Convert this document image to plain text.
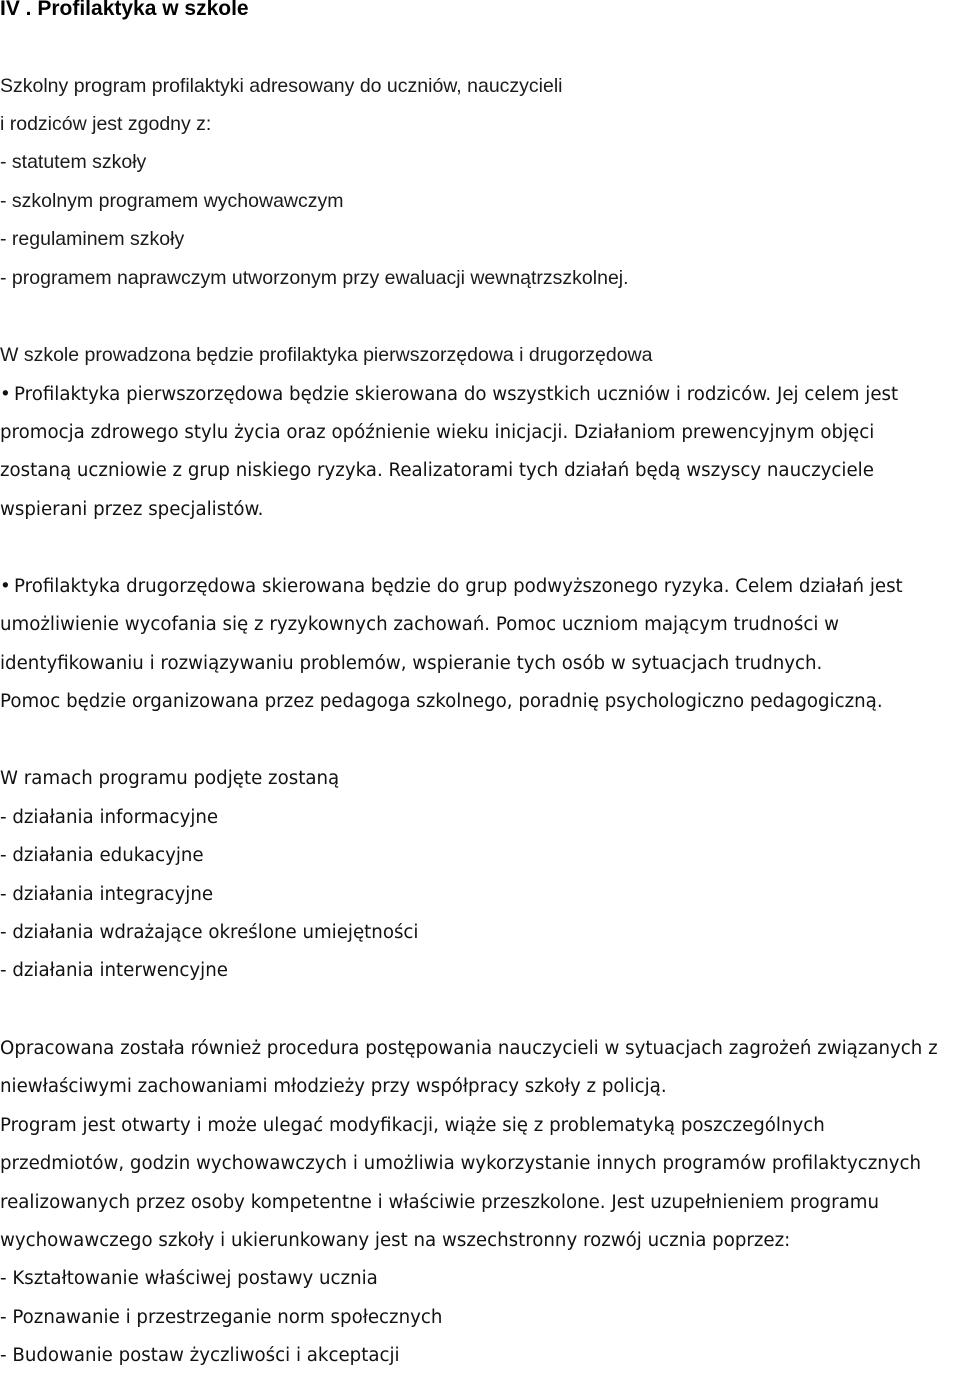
IV . Profilaktyka w szkole
Szkolny program profilaktyki adresowany do uczniów, nauczycieli
i rodziców jest zgodny z:
- statutem szkoły
- szkolnym programem wychowawczym
- regulaminem szkoły
- programem naprawczym utworzonym przy ewaluacji wewnątrzszkolnej.
W szkole prowadzona będzie profilaktyka pierwszorzędowa i drugorzędowa
• Profilaktyka pierwszorzędowa będzie skierowana do wszystkich uczniów i rodziców. Jej celem jest
promocja zdrowego stylu życia oraz opóźnienie wieku inicjacji. Działaniom prewencyjnym objęci
zostaną uczniowie z grup niskiego ryzyka. Realizatorami tych działań będą wszyscy nauczyciele
wspierani przez specjalistów.
• Profilaktyka drugorzędowa skierowana będzie do grup podwyższonego ryzyka. Celem działań jest
umożliwienie wycofania się z ryzykownych zachowań. Pomoc uczniom mającym trudności w
identyfikowaniu i rozwiązywaniu problemów, wspieranie tych osób w sytuacjach trudnych.
Pomoc będzie organizowana przez pedagoga szkolnego, poradnię psychologiczno pedagogiczną.
W ramach programu podjęte zostaną
- działania informacyjne
- działania edukacyjne
- działania integracyjne
- działania wdrażające określone umiejętności
- działania interwencyjne
Opracowana została również procedura postępowania nauczycieli w sytuacjach zagrożeń związanych z
niewłaściwymi zachowaniami młodzieży przy współpracy szkoły z policją.
Program jest otwarty i może ulegać modyfikacji, wiąże się z problematyką poszczególnych
przedmiotów, godzin wychowawczych i umożliwia wykorzystanie innych programów profilaktycznych
realizowanych przez osoby kompetentne i właściwie przeszkolone. Jest uzupełnieniem programu
wychowawczego szkoły i ukierunkowany jest na wszechstronny rozwój ucznia poprzez:
- Kształtowanie właściwej postawy ucznia
- Poznawanie i przestrzeganie norm społecznych
- Budowanie postaw życzliwości i akceptacji
